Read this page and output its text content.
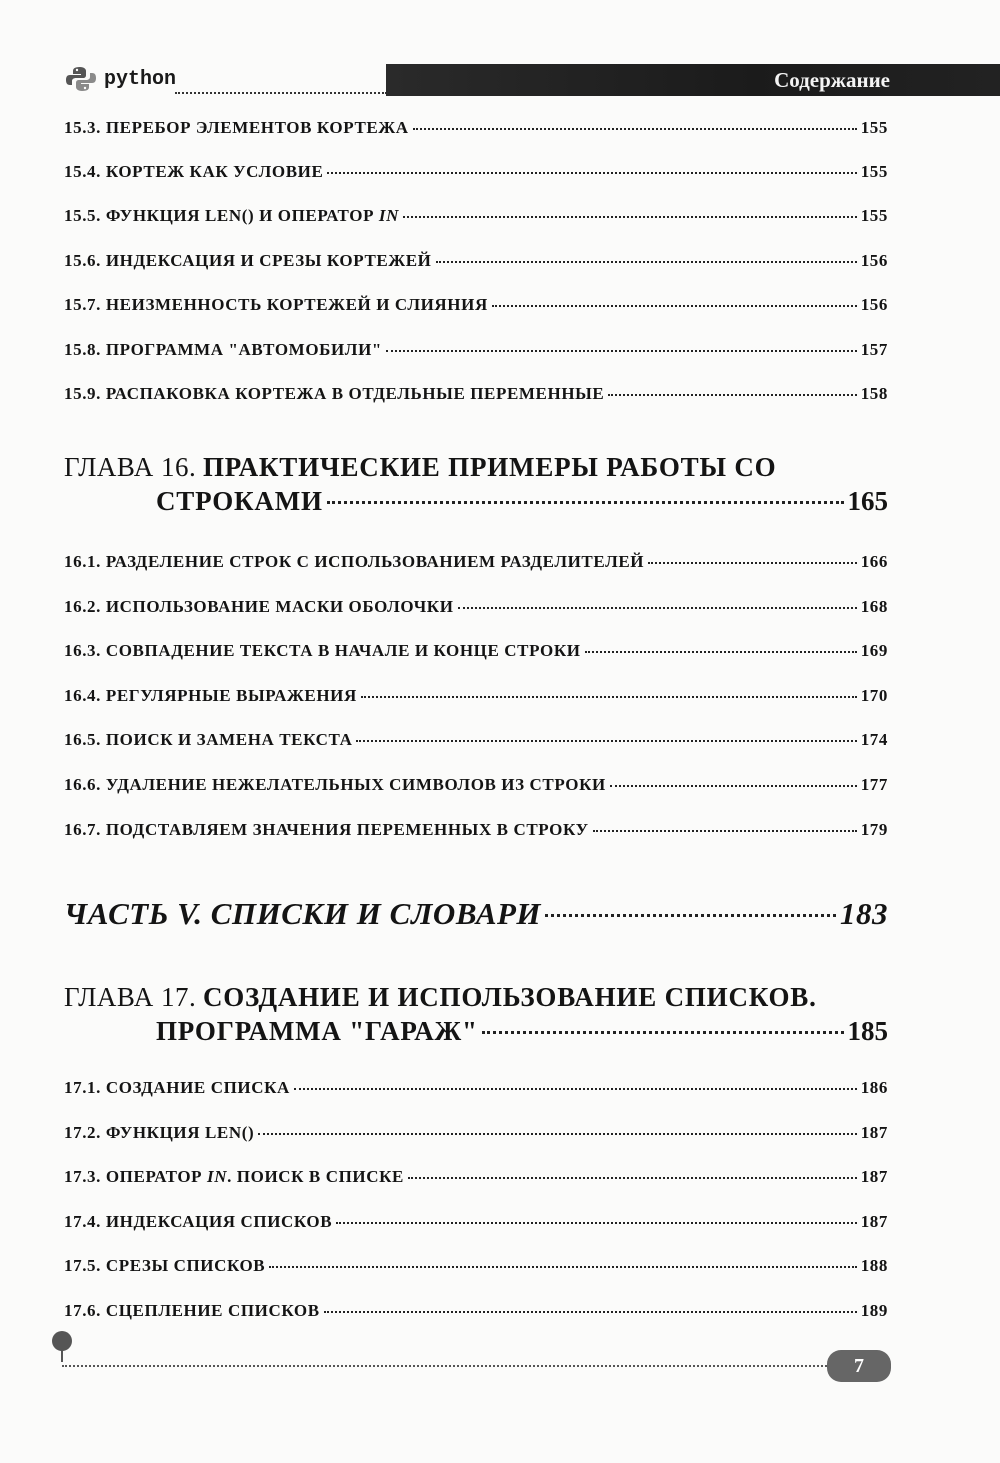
python	Содержание
15.3. ПЕРЕБОР ЭЛЕМЕНТОВ КОРТЕЖА	155
15.4. КОРТЕЖ КАК УСЛОВИЕ	155
15.5. ФУНКЦИЯ LEN() И ОПЕРАТОР IN	155
15.6. ИНДЕКСАЦИЯ И СРЕЗЫ КОРТЕЖЕЙ	156
15.7. НЕИЗМЕННОСТЬ КОРТЕЖЕЙ И СЛИЯНИЯ	156
15.8. ПРОГРАММА "АВТОМОБИЛИ"	157
15.9. РАСПАКОВКА КОРТЕЖА В ОТДЕЛЬНЫЕ ПЕРЕМЕННЫЕ	158
ГЛАВА 16. ПРАКТИЧЕСКИЕ ПРИМЕРЫ РАБОТЫ СО
СТРОКАМИ	165
16.1. РАЗДЕЛЕНИЕ СТРОК С ИСПОЛЬЗОВАНИЕМ РАЗДЕЛИТЕЛЕЙ	166
16.2. ИСПОЛЬЗОВАНИЕ МАСКИ ОБОЛОЧКИ	168
16.3. СОВПАДЕНИЕ ТЕКСТА В НАЧАЛЕ И КОНЦЕ СТРОКИ	169
16.4. РЕГУЛЯРНЫЕ ВЫРАЖЕНИЯ	170
16.5. ПОИСК И ЗАМЕНА ТЕКСТА	174
16.6. УДАЛЕНИЕ НЕЖЕЛАТЕЛЬНЫХ СИМВОЛОВ ИЗ СТРОКИ	177
16.7. ПОДСТАВЛЯЕМ ЗНАЧЕНИЯ ПЕРЕМЕННЫХ В СТРОКУ	179
ЧАСТЬ V. СПИСКИ И СЛОВАРИ	183
ГЛАВА 17. СОЗДАНИЕ И ИСПОЛЬЗОВАНИЕ СПИСКОВ.
ПРОГРАММА "ГАРАЖ"	185
17.1. СОЗДАНИЕ СПИСКА	186
17.2. ФУНКЦИЯ LEN()	187
17.3. ОПЕРАТОР IN. ПОИСК В СПИСКЕ	187
17.4. ИНДЕКСАЦИЯ СПИСКОВ	187
17.5. СРЕЗЫ СПИСКОВ	188
17.6. СЦЕПЛЕНИЕ СПИСКОВ	189
7
